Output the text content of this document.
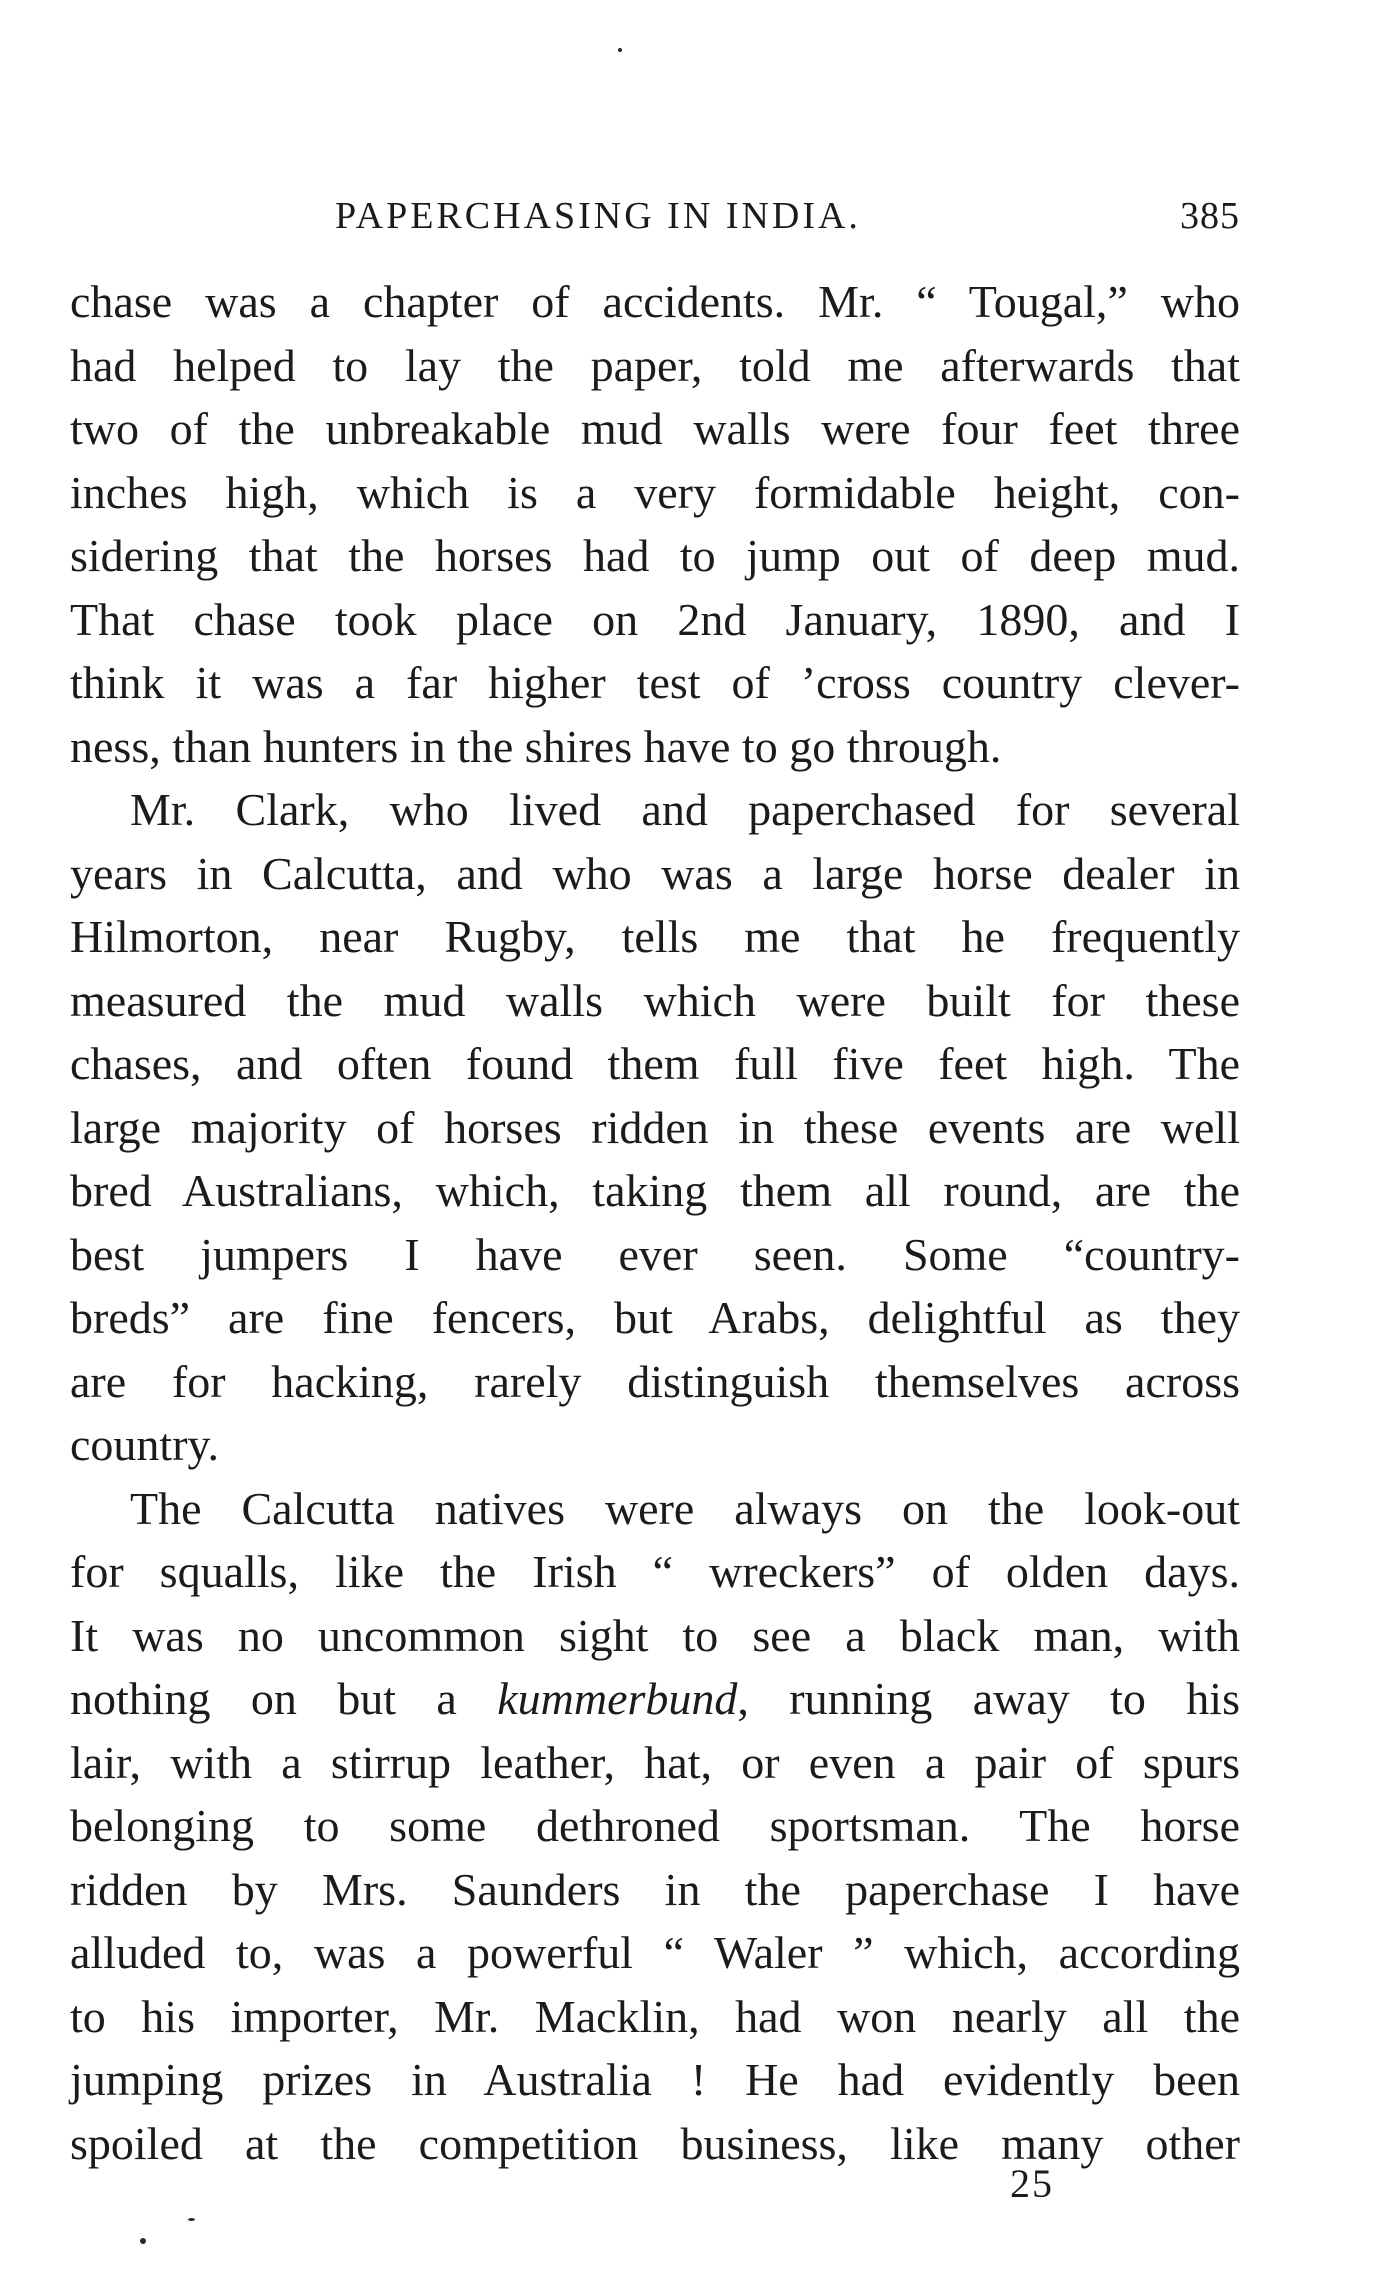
PAPERCHASING IN INDIA.	385
chase was a chapter of accidents. Mr. “ Tougal,” who
had helped to lay the paper, told me afterwards that
two of the unbreakable mud walls were four feet three
inches high, which is a very formidable height, con-
sidering that the horses had to jump out of deep mud.
That chase took place on 2nd January, 1890, and I
think it was a far higher test of ’cross country clever-
ness, than hunters in the shires have to go through.
Mr. Clark, who lived and paperchased for several
years in Calcutta, and who was a large horse dealer in
Hilmorton, near Rugby, tells me that he frequently
measured the mud walls which were built for these
chases, and often found them full five feet high. The
large majority of horses ridden in these events are well
bred Australians, which, taking them all round, are the
best jumpers I have ever seen. Some “country-
breds” are fine fencers, but Arabs, delightful as they
are for hacking, rarely distinguish themselves across
country.
The Calcutta natives were always on the look-out
for squalls, like the Irish “ wreckers” of olden days.
It was no uncommon sight to see a black man, with
nothing on but a kummerbund, running away to his
lair, with a stirrup leather, hat, or even a pair of spurs
belonging to some dethroned sportsman. The horse
ridden by Mrs. Saunders in the paperchase I have
alluded to, was a powerful “ Waler ” which, according
to his importer, Mr. Macklin, had won nearly all the
jumping prizes in Australia ! He had evidently been
spoiled at the competition business, like many other
25
